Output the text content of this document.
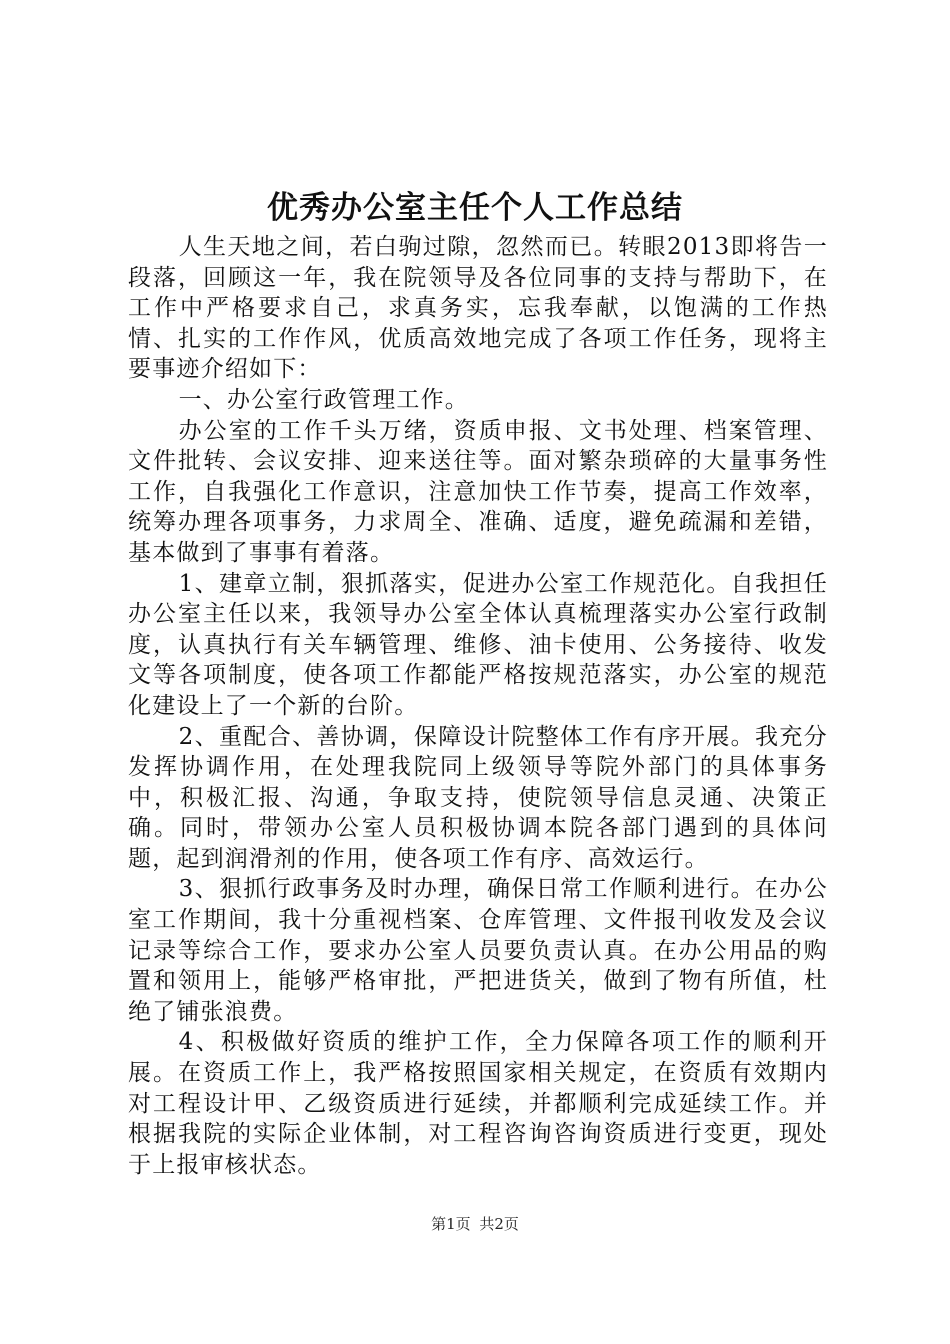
优秀办公室主任个人工作总结

人生天地之间，若白驹过隙，忽然而已。转眼2013即将告一段落，回顾这一年，我在院领导及各位同事的支持与帮助下，在工作中严格要求自己，求真务实，忘我奉献，以饱满的工作热情、扎实的工作作风，优质高效地完成了各项工作任务，现将主要事迹介绍如下：

一、办公室行政管理工作。

办公室的工作千头万绪，资质申报、文书处理、档案管理、文件批转、会议安排、迎来送往等。面对繁杂琐碎的大量事务性工作，自我强化工作意识，注意加快工作节奏，提高工作效率，统筹办理各项事务，力求周全、准确、适度，避免疏漏和差错，基本做到了事事有着落。

1、建章立制，狠抓落实，促进办公室工作规范化。自我担任办公室主任以来，我领导办公室全体认真梳理落实办公室行政制度，认真执行有关车辆管理、维修、油卡使用、公务接待、收发文等各项制度，使各项工作都能严格按规范落实，办公室的规范化建设上了一个新的台阶。

2、重配合、善协调，保障设计院整体工作有序开展。我充分发挥协调作用，在处理我院同上级领导等院外部门的具体事务中，积极汇报、沟通，争取支持，使院领导信息灵通、决策正确。同时，带领办公室人员积极协调本院各部门遇到的具体问题，起到润滑剂的作用，使各项工作有序、高效运行。

3、狠抓行政事务及时办理，确保日常工作顺利进行。在办公室工作期间，我十分重视档案、仓库管理、文件报刊收发及会议记录等综合工作，要求办公室人员要负责认真。在办公用品的购置和领用上，能够严格审批，严把进货关，做到了物有所值，杜绝了铺张浪费。

4、积极做好资质的维护工作，全力保障各项工作的顺利开展。在资质工作上，我严格按照国家相关规定，在资质有效期内对工程设计甲、乙级资质进行延续，并都顺利完成延续工作。并根据我院的实际企业体制，对工程咨询咨询资质进行变更，现处于上报审核状态。

第1页 共2页
